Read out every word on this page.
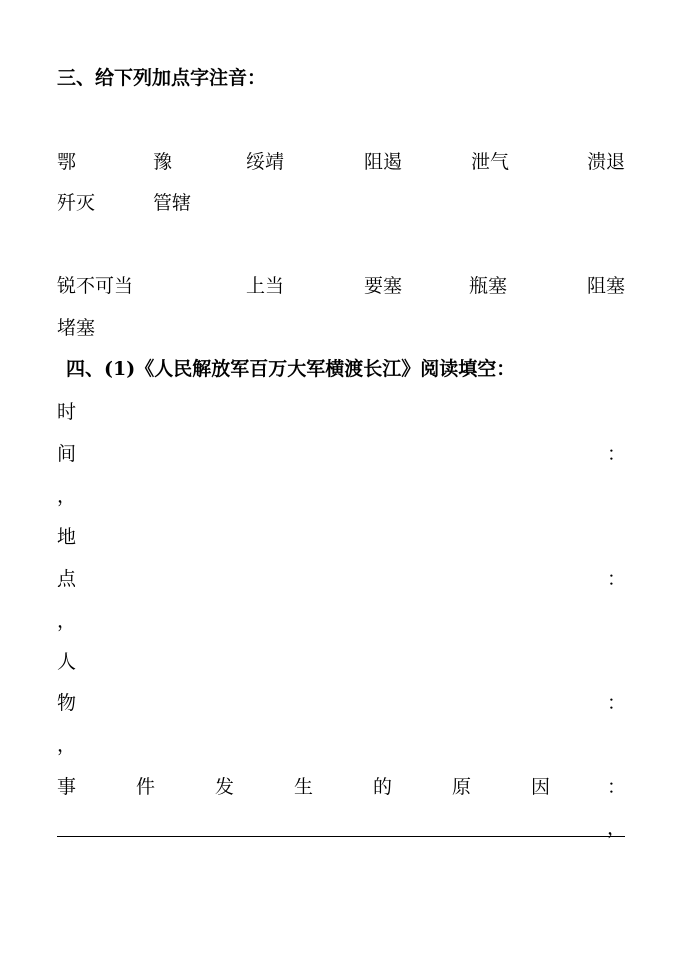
三、给下列加点字注音：
鄂	豫	绥靖	阻遏	泄气	溃退
歼灭	管辖
锐不可当	上当	要塞	瓶塞	阻塞
堵塞
四、(1)《人民解放军百万大军横渡长江》阅读填空：
时
间	：
，
地
点	：
，
人
物	：
，
事	件	发	生	的	原	因	：
，
